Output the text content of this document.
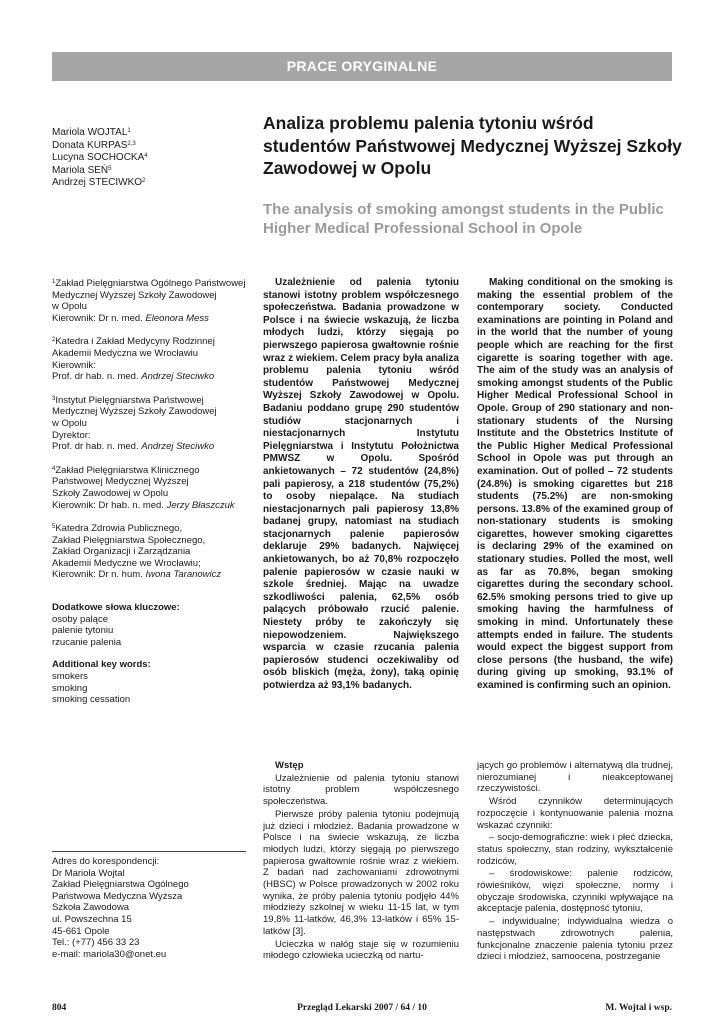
PRACE ORYGINALNE
Mariola WOJTAL$^1$
Donata KURPAS$^{2,3}$
Lucyna SOCHOCKA$^4$
Mariola SEŃ$^5$
Andrzej STECIWKO$^2$
Analiza problemu palenia tytoniu wśród studentów Państwowej Medycznej Wyższej Szkoły Zawodowej w Opolu
The analysis of smoking amongst students in the Public Higher Medical Professional School in Opole
$^1$Zakład Pielęgniarstwa Ogólnego Państwowej
Medycznej Wyższej Szkoły Zawodowej
w Opolu
Kierownik: Dr n. med. Eleonora Mess
$^2$Katedra i Zakład Medycyny Rodzinnej
Akademii Medyczna we Wrocławiu
Kierownik:
Prof. dr hab. n. med. Andrzej Steciwko
$^3$Instytut Pielęgniarstwa Państwowej
Medycznej Wyższej Szkoły Zawodowej
w Opolu
Dyrektor:
Prof. dr hab. n. med. Andrzej Steciwko
$^4$Zakład Pielęgniarstwa Klinicznego
Państwowej Medycznej Wyższej
Szkoły Zawodowej w Opolu
Kierownik: Dr hab. n. med. Jerzy Błaszczuk
$^5$Katedra Zdrowia Publicznego,
Zakład Pielęgniarstwa Społecznego,
Zakład Organizacji i Zarządzania
Akademii Medyczne we Wrocławiu;
Kierownik: Dr n. hum. Iwona Taranowicz
Dodatkowe słowa kluczowe:
osoby palące
palenie tytoniu
rzucanie palenia
Additional key words:
smokers
smoking
smoking cessation

Uzależnienie od palenia tytoniu stanowi istotny problem współczesnego społeczeństwa. Badania prowadzone w Polsce i na świecie wskazują, że liczba młodych ludzi, którzy sięgają po pierwszego papierosa gwałtownie rośnie wraz z wiekiem. Celem pracy była analiza problemu palenia tytoniu wśród studentów Państwowej Medycznej Wyższej Szkoły Zawodowej w Opolu. Badaniu poddano grupę 290 studentów studiów stacjonarnych i niestacjonarnych Instytutu Pielęgniarstwa i Instytutu Położnictwa PMWSZ w Opolu. Spośród ankietowanych – 72 studentów (24,8%) pali papierosy, a 218 studentów (75,2%) to osoby niepalące. Na studiach niestacjonarnych pali papierosy 13,8% badanej grupy, natomiast na studiach stacjonarnych palenie papierosów deklaruje 29% badanych. Najwięcej ankietowanych, bo aż 70,8% rozpoczęło palenie papierosów w czasie nauki w szkole średniej. Mając na uwadze szkodliwości palenia, 62,5% osób palących próbowało rzucić palenie. Niestety próby te zakończyły się niepowodzeniem. Największego wsparcia w czasie rzucania palenia papierosów studenci oczekiwaliby od osób bliskich (męża, żony), taką opinię potwierdza aż 93,1% badanych.

Making conditional on the smoking is making the essential problem of the contemporary society. Conducted examinations are pointing in Poland and in the world that the number of young people which are reaching for the first cigarette is soaring together with age. The aim of the study was an analysis of smoking amongst students of the Public Higher Medical Professional School in Opole. Group of 290 stationary and non-stationary students of the Nursing Institute and the Obstetrics Institute of the Public Higher Medical Professional School in Opole was put through an examination. Out of polled – 72 students (24.8%) is smoking cigarettes but 218 students (75.2%) are non-smoking persons. 13.8% of the examined group of non-stationary students is smoking cigarettes, however smoking cigarettes is declaring 29% of the examined on stationary studies. Polled the most, well as far as 70.8%, began smoking cigarettes during the secondary school. 62.5% smoking persons tried to give up smoking having the harmfulness of smoking in mind. Unfortunately these attempts ended in failure. The students would expect the biggest support from close persons (the husband, the wife) during giving up smoking, 93.1% of examined is confirming such an opinion.

Adres do korespondencji:
Dr Mariola Wojtal
Zakład Pielęgniarstwa Ogólnego
Państwowa Medyczna Wyższa
Szkoła Zawodowa
ul. Powszechna 15
45-661 Opole
Tel.: (+77) 456 33 23
e-mail: mariola30@onet.eu
Wstęp

Uzależnienie od palenia tytoniu stanowi istotny problem współczesnego społeczeństwa.

Pierwsze próby palenia tytoniu podejmują już dzieci i młodzież. Badania prowadzone w Polsce i na świecie wskazują, że liczba młodych ludzi, którzy sięgają po pierwszego papierosa gwałtownie rośnie wraz z wiekiem. Z badań nad zachowaniami zdrowotnymi (HBSC) w Polsce prowadzonych w 2002 roku wynika, że próby palenia tytoniu podjęło 44% młodzieży szkolnej w wieku 11-15 lat, w tym 19,8% 11-latków, 46,3% 13-latków i 65% 15-latków [3].

Ucieczka w nałóg staje się w rozumieniu młodego człowieka ucieczką od nartu-

jących go problemów i alternatywą dla trudnej, nierozumianej i nieakceptowanej rzeczywistości.

Wśród czynników determinujących rozpoczęcie i kontynuowanie palenia można wskazać czynniki:

– socjo-demograficzne: wiek i płeć dziecka, status społeczny, stan rodziny, wykształcenie rodziców,

– środowiskowe: palenie rodziców, rówieśników, więzi społeczne, normy i obyczaje środowiska, czynniki wpływające na akceptacje palenia, dostępność tytoniu,

– indywidualne; indywidualna wiedza o następstwach zdrowotnych palenia, funkcjonalne znaczenie palenia tytoniu przez dzieci i młodzież, samoocena, postrzeganie

804	Przegląd Lekarski 2007 / 64 / 10	M. Wojtal i wsp.
